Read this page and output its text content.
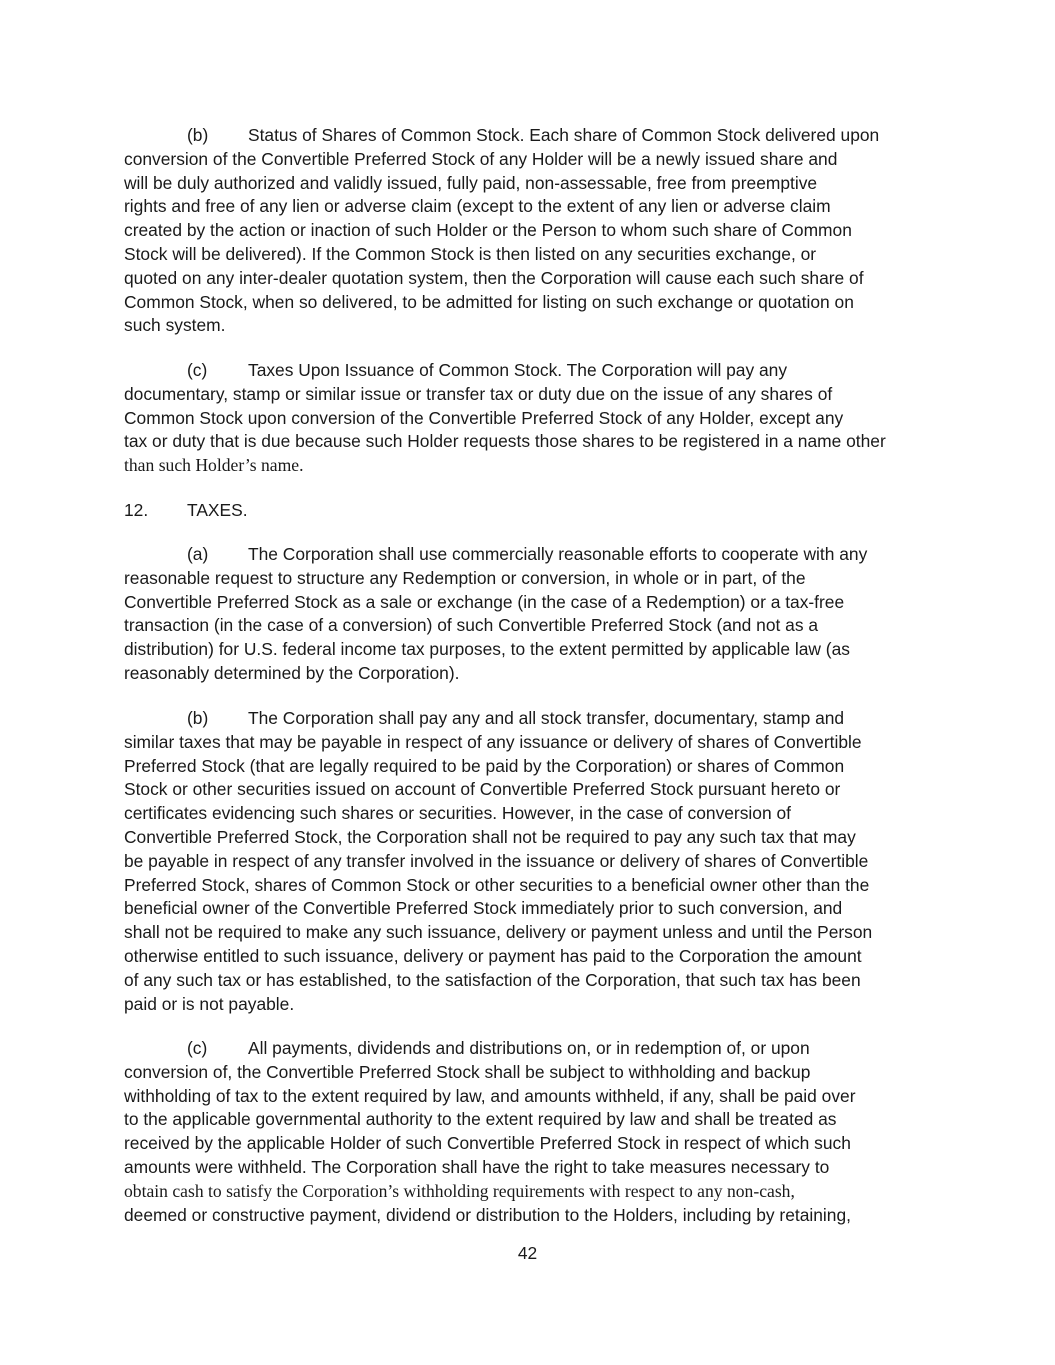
(b) Status of Shares of Common Stock. Each share of Common Stock delivered upon
conversion of the Convertible Preferred Stock of any Holder will be a newly issued share and
will be duly authorized and validly issued, fully paid, non-assessable, free from preemptive
rights and free of any lien or adverse claim (except to the extent of any lien or adverse claim
created by the action or inaction of such Holder or the Person to whom such share of Common
Stock will be delivered). If the Common Stock is then listed on any securities exchange, or
quoted on any inter-dealer quotation system, then the Corporation will cause each such share of
Common Stock, when so delivered, to be admitted for listing on such exchange or quotation on
such system.
(c) Taxes Upon Issuance of Common Stock. The Corporation will pay any
documentary, stamp or similar issue or transfer tax or duty due on the issue of any shares of
Common Stock upon conversion of the Convertible Preferred Stock of any Holder, except any
tax or duty that is due because such Holder requests those shares to be registered in a name other
than such Holder’s name.
12. TAXES.
(a) The Corporation shall use commercially reasonable efforts to cooperate with any
reasonable request to structure any Redemption or conversion, in whole or in part, of the
Convertible Preferred Stock as a sale or exchange (in the case of a Redemption) or a tax-free
transaction (in the case of a conversion) of such Convertible Preferred Stock (and not as a
distribution) for U.S. federal income tax purposes, to the extent permitted by applicable law (as
reasonably determined by the Corporation).
(b) The Corporation shall pay any and all stock transfer, documentary, stamp and
similar taxes that may be payable in respect of any issuance or delivery of shares of Convertible
Preferred Stock (that are legally required to be paid by the Corporation) or shares of Common
Stock or other securities issued on account of Convertible Preferred Stock pursuant hereto or
certificates evidencing such shares or securities. However, in the case of conversion of
Convertible Preferred Stock, the Corporation shall not be required to pay any such tax that may
be payable in respect of any transfer involved in the issuance or delivery of shares of Convertible
Preferred Stock, shares of Common Stock or other securities to a beneficial owner other than the
beneficial owner of the Convertible Preferred Stock immediately prior to such conversion, and
shall not be required to make any such issuance, delivery or payment unless and until the Person
otherwise entitled to such issuance, delivery or payment has paid to the Corporation the amount
of any such tax or has established, to the satisfaction of the Corporation, that such tax has been
paid or is not payable.
(c) All payments, dividends and distributions on, or in redemption of, or upon
conversion of, the Convertible Preferred Stock shall be subject to withholding and backup
withholding of tax to the extent required by law, and amounts withheld, if any, shall be paid over
to the applicable governmental authority to the extent required by law and shall be treated as
received by the applicable Holder of such Convertible Preferred Stock in respect of which such
amounts were withheld. The Corporation shall have the right to take measures necessary to
obtain cash to satisfy the Corporation’s withholding requirements with respect to any non-cash,
deemed or constructive payment, dividend or distribution to the Holders, including by retaining,
42
